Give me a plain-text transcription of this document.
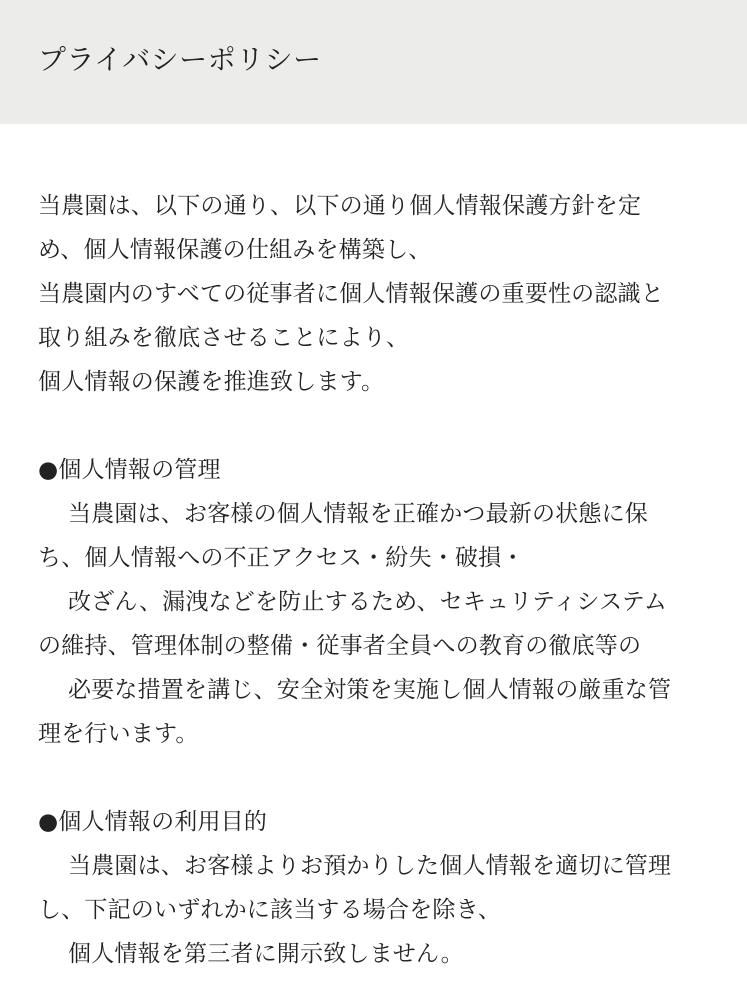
プライバシーポリシー
当農園は、以下の通り、以下の通り個人情報保護方針を定
め、個人情報保護の仕組みを構築し、
当農園内のすべての従事者に個人情報保護の重要性の認識と
取り組みを徹底させることにより、
個人情報の保護を推進致します。
●個人情報の管理
当農園は、お客様の個人情報を正確かつ最新の状態に保
ち、個人情報への不正アクセス・紛失・破損・
改ざん、漏洩などを防止するため、セキュリティシステム
の維持、管理体制の整備・従事者全員への教育の徹底等の
必要な措置を講じ、安全対策を実施し個人情報の厳重な管
理を行います。
●個人情報の利用目的
当農園は、お客様よりお預かりした個人情報を適切に管理
し、下記のいずれかに該当する場合を除き、
個人情報を第三者に開示致しません。
